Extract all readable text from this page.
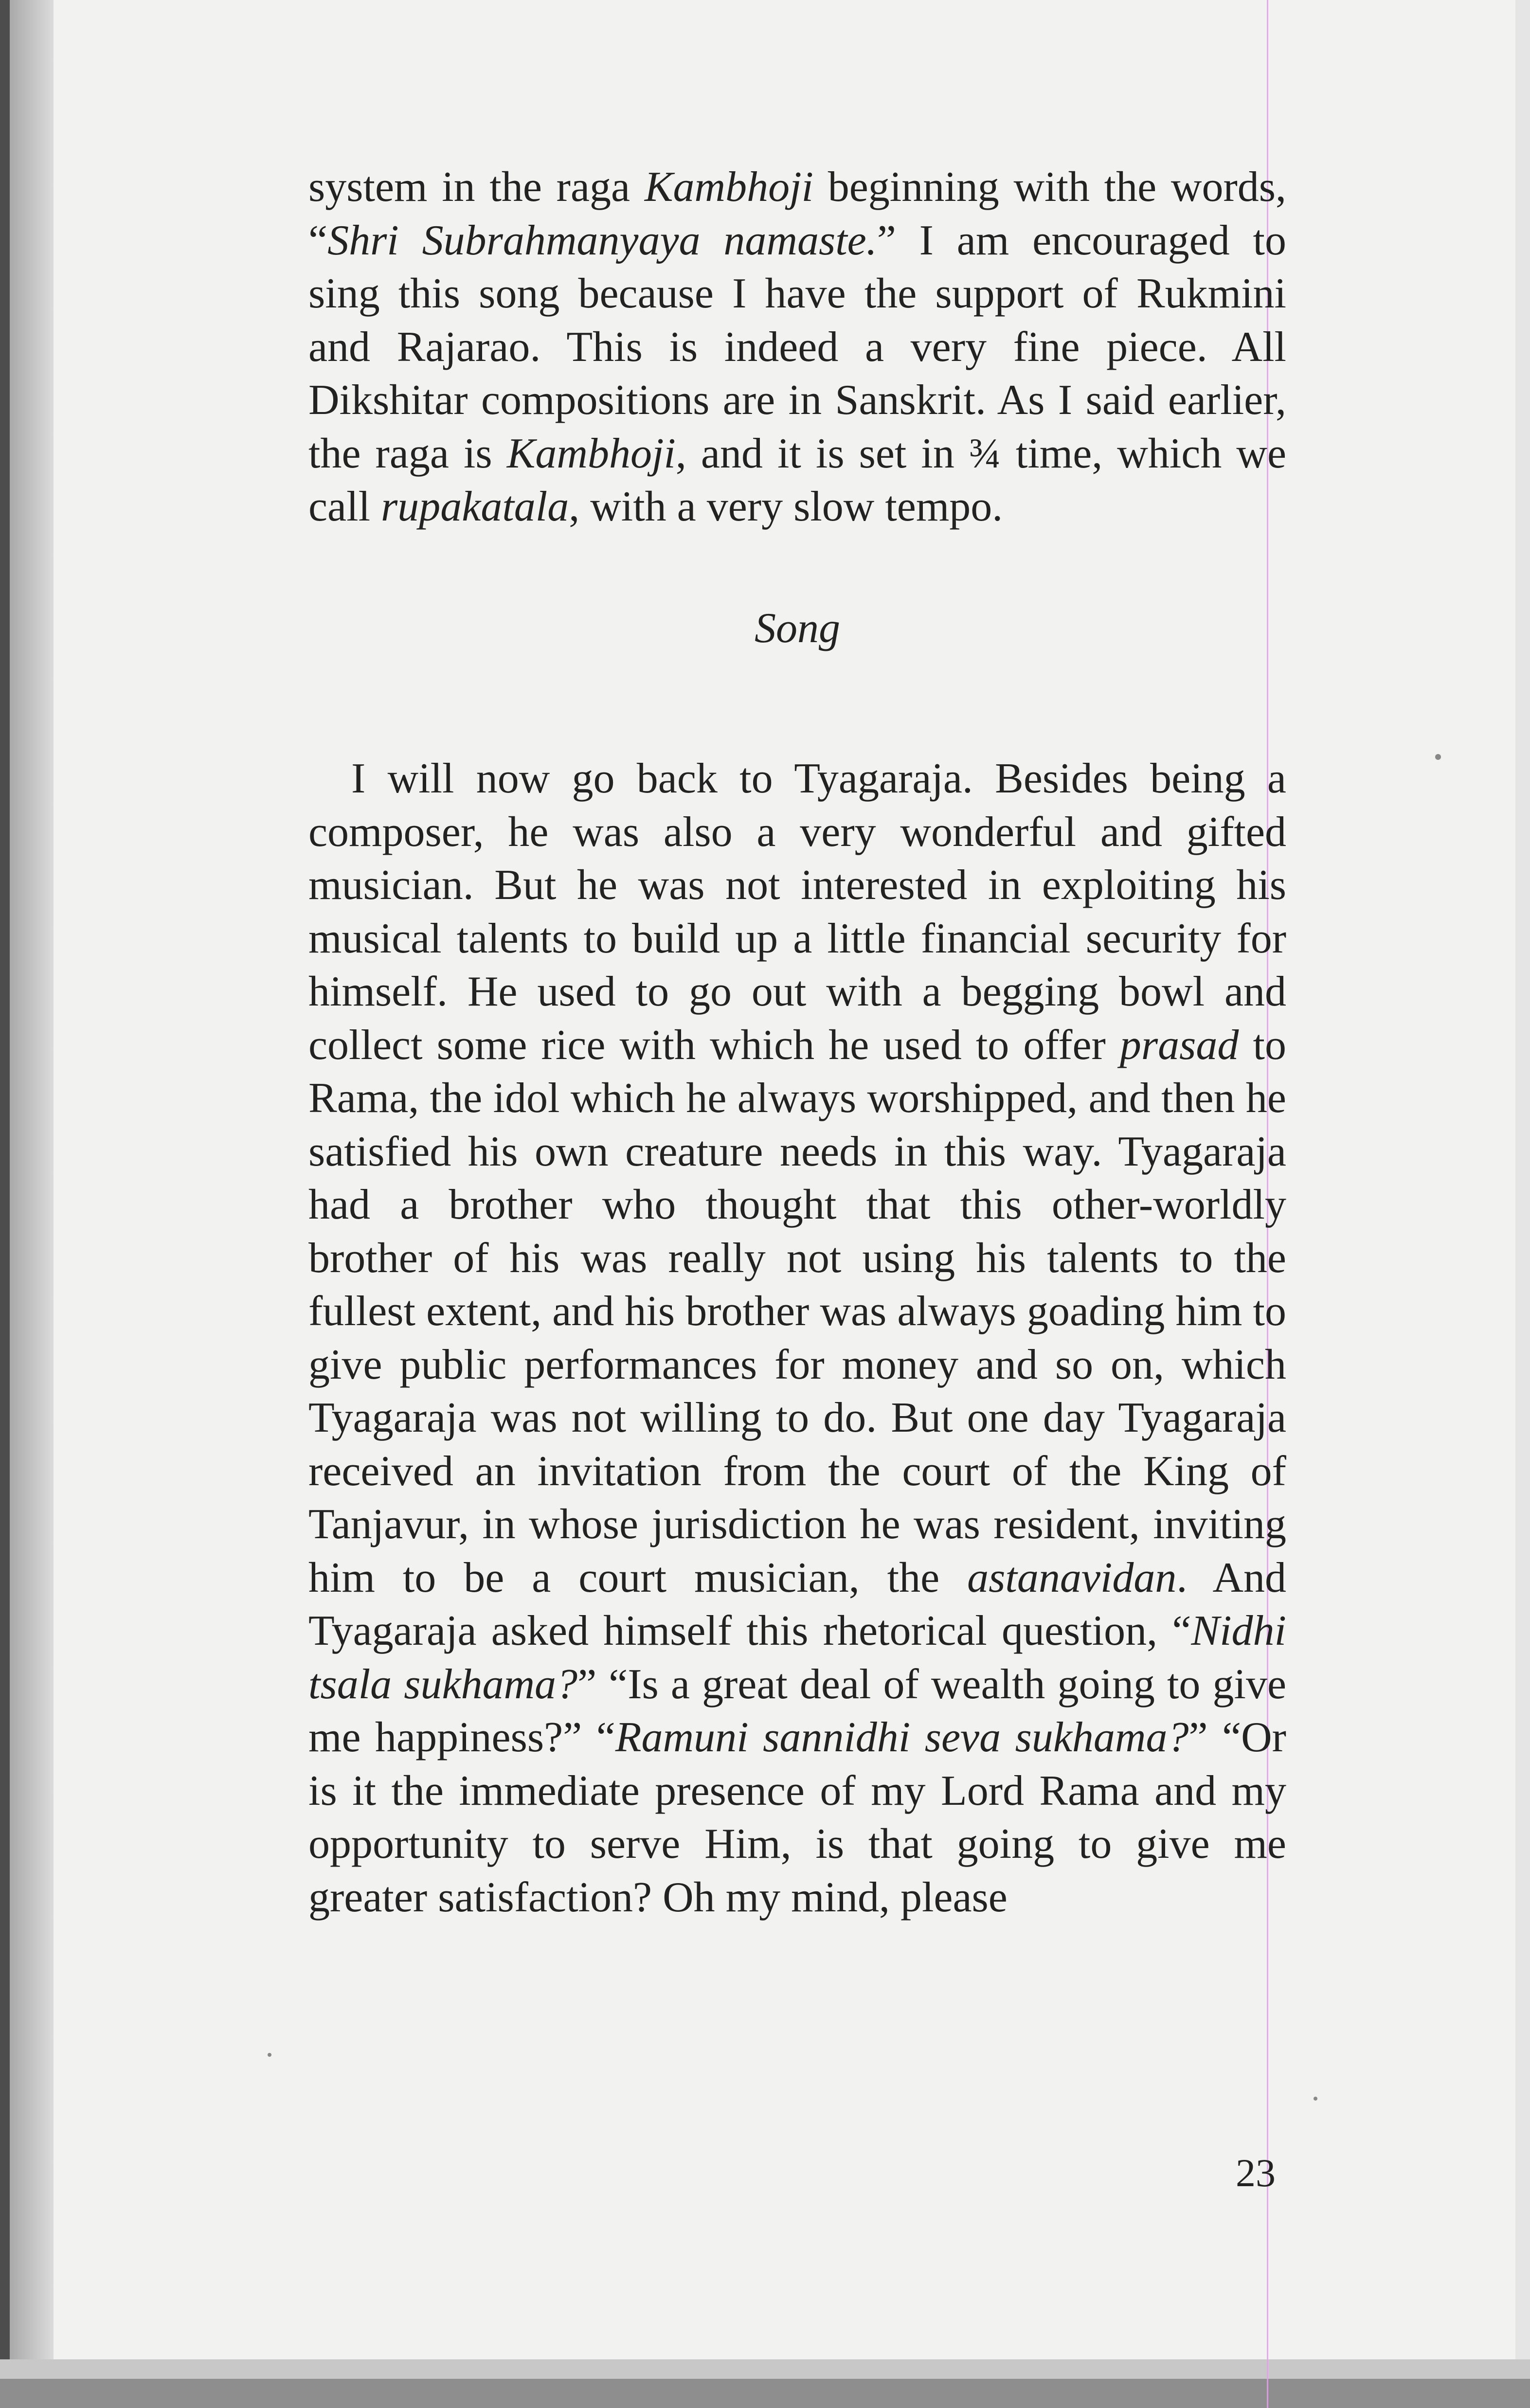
system in the raga Kambhoji beginning with the words, “Shri Subrahmanyaya namaste.” I am encouraged to sing this song because I have the support of Rukmini and Rajarao. This is indeed a very fine piece. All Dikshitar compositions are in Sanskrit. As I said earlier, the raga is Kambhoji, and it is set in ¾ time, which we call rupakatala, with a very slow tempo.

Song

I will now go back to Tyagaraja. Besides being a composer, he was also a very wonderful and gifted musician. But he was not interested in exploiting his musical talents to build up a little financial security for himself. He used to go out with a begging bowl and collect some rice with which he used to offer prasad to Rama, the idol which he always worshipped, and then he satisfied his own creature needs in this way. Tyagaraja had a brother who thought that this other-worldly brother of his was really not using his talents to the fullest extent, and his brother was always goading him to give public performances for money and so on, which Tyagaraja was not willing to do. But one day Tyagaraja received an invitation from the court of the King of Tanjavur, in whose jurisdiction he was resident, inviting him to be a court musician, the astanavidan. And Tyagaraja asked himself this rhetorical question, “Nidhi tsala sukhama?” “Is a great deal of wealth going to give me happiness?” “Ramuni sannidhi seva sukhama?” “Or is it the immediate presence of my Lord Rama and my opportunity to serve Him, is that going to give me greater satisfaction? Oh my mind, please

23
